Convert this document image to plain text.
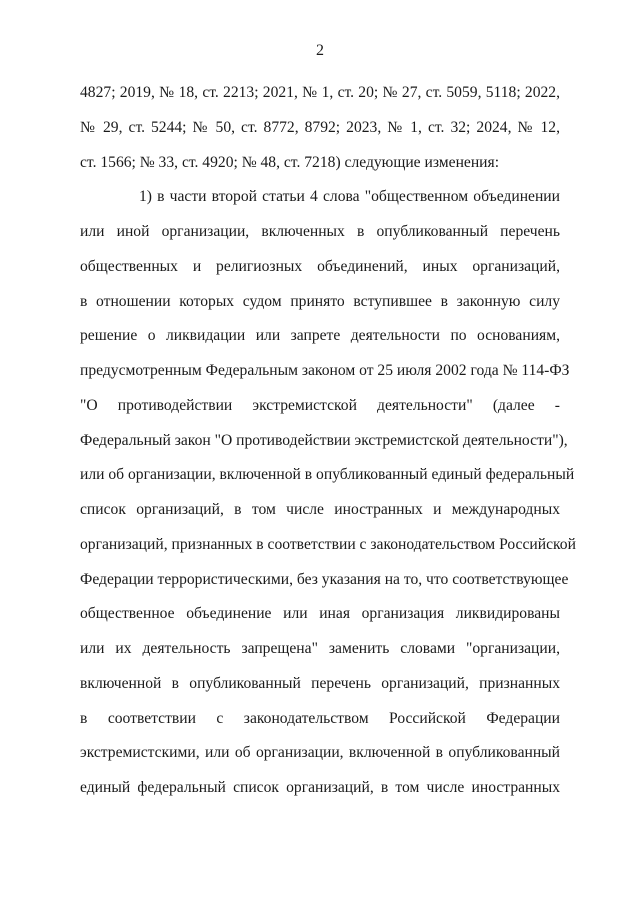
2
4827; 2019, № 18, ст. 2213; 2021, № 1, ст. 20; № 27, ст. 5059, 5118; 2022,
№ 29, ст. 5244; № 50, ст. 8772, 8792; 2023, № 1, ст. 32; 2024, № 12,
ст. 1566; № 33, ст. 4920; № 48, ст. 7218) следующие изменения:
1) в части второй статьи 4 слова "общественном объединении
или иной организации, включенных в опубликованный перечень
общественных и религиозных объединений, иных организаций,
в отношении которых судом принято вступившее в законную силу
решение о ликвидации или запрете деятельности по основаниям,
предусмотренным Федеральным законом от 25 июля 2002 года № 114-ФЗ
"О противодействии экстремистской деятельности" (далее -
Федеральный закон "О противодействии экстремистской деятельности"),
или об организации, включенной в опубликованный единый федеральный
список организаций, в том числе иностранных и международных
организаций, признанных в соответствии с законодательством Российской
Федерации террористическими, без указания на то, что соответствующее
общественное объединение или иная организация ликвидированы
или их деятельность запрещена" заменить словами "организации,
включенной в опубликованный перечень организаций, признанных
в соответствии с законодательством Российской Федерации
экстремистскими, или об организации, включенной в опубликованный
единый федеральный список организаций, в том числе иностранных
